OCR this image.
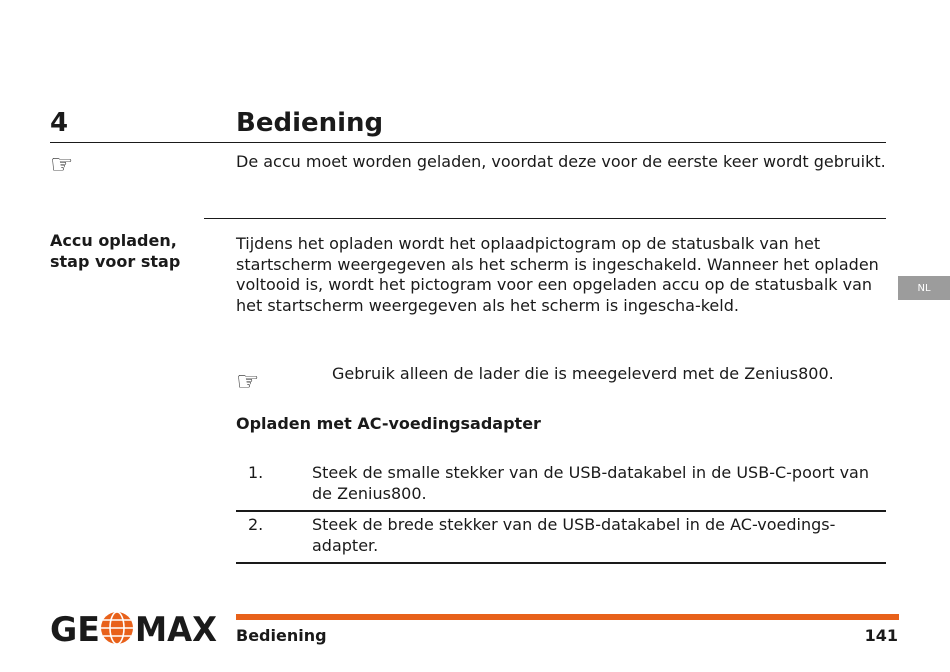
4	Bediening
☞	De accu moet worden geladen, voordat deze voor de eerste keer wordt gebruikt.
Accu opladen, stap voor stap
Tijdens het opladen wordt het oplaadpictogram op de statusbalk van het startscherm weergegeven als het scherm is ingeschakeld. Wanneer het opladen voltooid is, wordt het pictogram voor een opgeladen accu op de statusbalk van het startscherm weergegeven als het scherm is ingescha-keld.
☞	Gebruik alleen de lader die is meegeleverd met de Zenius800.
Opladen met AC-voedingsadapter
1.	Steek de smalle stekker van de USB-datakabel in de USB-C-poort van de Zenius800.
2.	Steek de brede stekker van de USB-datakabel in de AC-voedings-adapter.
NL
GE MAX Bediening	141
